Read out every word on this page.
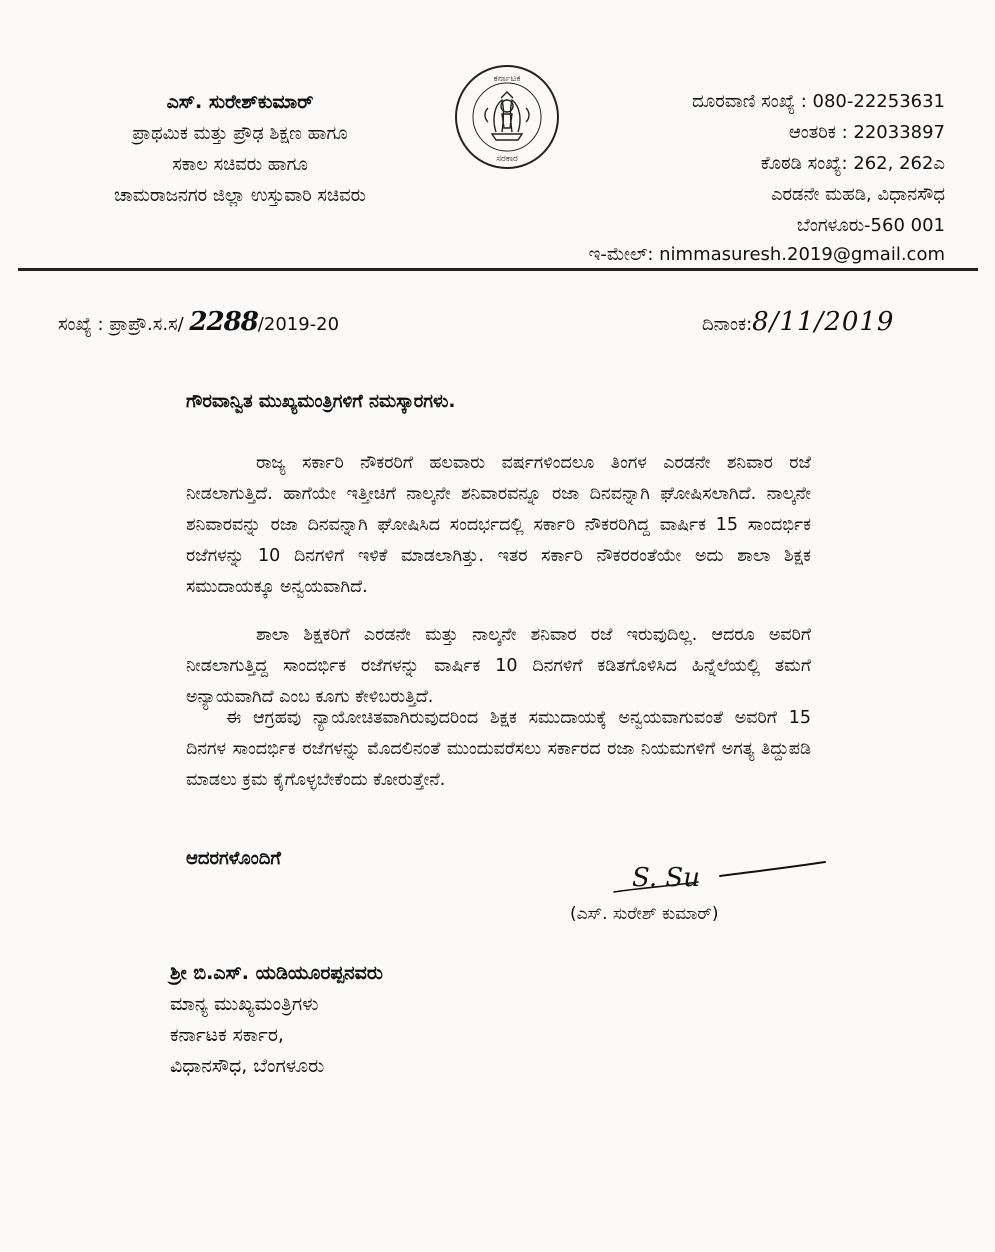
ಎಸ್. ಸುರೇಶ್‌ಕುಮಾರ್
ಪ್ರಾಥಮಿಕ ಮತ್ತು ಪ್ರೌಢ ಶಿಕ್ಷಣ ಹಾಗೂ
ಸಕಾಲ ಸಚಿವರು ಹಾಗೂ
ಚಾಮರಾಜನಗರ ಜಿಲ್ಲಾ ಉಸ್ತುವಾರಿ ಸಚಿವರು
ಕರ್ನಾಟಕ
ಸರಕಾರ
ದೂರವಾಣಿ ಸಂಖ್ಯೆ : 080-22253631
ಆಂತರಿಕ : 22033897
ಕೊಠಡಿ ಸಂಖ್ಯೆ: 262, 262ಎ
ಎರಡನೇ ಮಹಡಿ, ವಿಧಾನಸೌಧ
ಬೆಂಗಳೂರು-560 001
ಇ-ಮೇಲ್: nimmasuresh.2019@gmail.com
ಸಂಖ್ಯೆ : ಪ್ರಾಪ್ರೌ.ಸ.ಸ/ 2288/2019-20	ದಿನಾಂಕ:8/11/2019
ಗೌರವಾನ್ವಿತ ಮುಖ್ಯಮಂತ್ರಿಗಳಿಗೆ ನಮಸ್ಕಾರಗಳು.
ರಾಜ್ಯ ಸರ್ಕಾರಿ ನೌಕರರಿಗೆ ಹಲವಾರು ವರ್ಷಗಳಿಂದಲೂ ತಿಂಗಳ ಎರಡನೇ ಶನಿವಾರ ರಜೆ ನೀಡಲಾಗುತ್ತಿದೆ. ಹಾಗೆಯೇ ಇತ್ತೀಚಿಗೆ ನಾಲ್ಕನೇ ಶನಿವಾರವನ್ನೂ ರಜಾ ದಿನವನ್ನಾಗಿ ಘೋಷಿಸಲಾಗಿದೆ. ನಾಲ್ಕನೇ ಶನಿವಾರವನ್ನು ರಜಾ ದಿನವನ್ನಾಗಿ ಘೋಷಿಸಿದ ಸಂದರ್ಭದಲ್ಲಿ ಸರ್ಕಾರಿ ನೌಕರರಿಗಿದ್ದ ವಾರ್ಷಿಕ 15 ಸಾಂದರ್ಭಿಕ ರಜೆಗಳನ್ನು 10 ದಿನಗಳಿಗೆ ಇಳಿಕೆ ಮಾಡಲಾಗಿತ್ತು. ಇತರ ಸರ್ಕಾರಿ ನೌಕರರಂತೆಯೇ ಅದು ಶಾಲಾ ಶಿಕ್ಷಕ ಸಮುದಾಯಕ್ಕೂ ಅನ್ವಯವಾಗಿದೆ.
ಶಾಲಾ ಶಿಕ್ಷಕರಿಗೆ ಎರಡನೇ ಮತ್ತು ನಾಲ್ಕನೇ ಶನಿವಾರ ರಜೆ ಇರುವುದಿಲ್ಲ. ಆದರೂ ಅವರಿಗೆ ನೀಡಲಾಗುತ್ತಿದ್ದ ಸಾಂದರ್ಭಿಕ ರಜೆಗಳನ್ನು ವಾರ್ಷಿಕ 10 ದಿನಗಳಿಗೆ ಕಡಿತಗೊಳಿಸಿದ ಹಿನ್ನೆಲೆಯಲ್ಲಿ ತಮಗೆ ಅನ್ಯಾಯವಾಗಿದೆ ಎಂಬ ಕೂಗು ಕೇಳಿಬರುತ್ತಿದೆ.
ಈ ಆಗ್ರಹವು ನ್ಯಾಯೋಚಿತವಾಗಿರುವುದರಿಂದ ಶಿಕ್ಷಕ ಸಮುದಾಯಕ್ಕೆ ಅನ್ವಯವಾಗುವಂತೆ ಅವರಿಗೆ 15 ದಿನಗಳ ಸಾಂದರ್ಭಿಕ ರಜೆಗಳನ್ನು ಮೊದಲಿನಂತೆ ಮುಂದುವರೆಸಲು ಸರ್ಕಾರದ ರಜಾ ನಿಯಮಗಳಿಗೆ ಅಗತ್ಯ ತಿದ್ದುಪಡಿ ಮಾಡಲು ಕ್ರಮ ಕೈಗೊಳ್ಳಬೇಕೆಂದು ಕೋರುತ್ತೇನೆ.
ಆದರಗಳೊಂದಿಗೆ
S. Su
(ಎಸ್. ಸುರೇಶ್ ಕುಮಾರ್)
ಶ್ರೀ ಬಿ.ಎಸ್. ಯಡಿಯೂರಪ್ಪನವರು
ಮಾನ್ಯ ಮುಖ್ಯಮಂತ್ರಿಗಳು
ಕರ್ನಾಟಕ ಸರ್ಕಾರ,
ವಿಧಾನಸೌಧ, ಬೆಂಗಳೂರು
